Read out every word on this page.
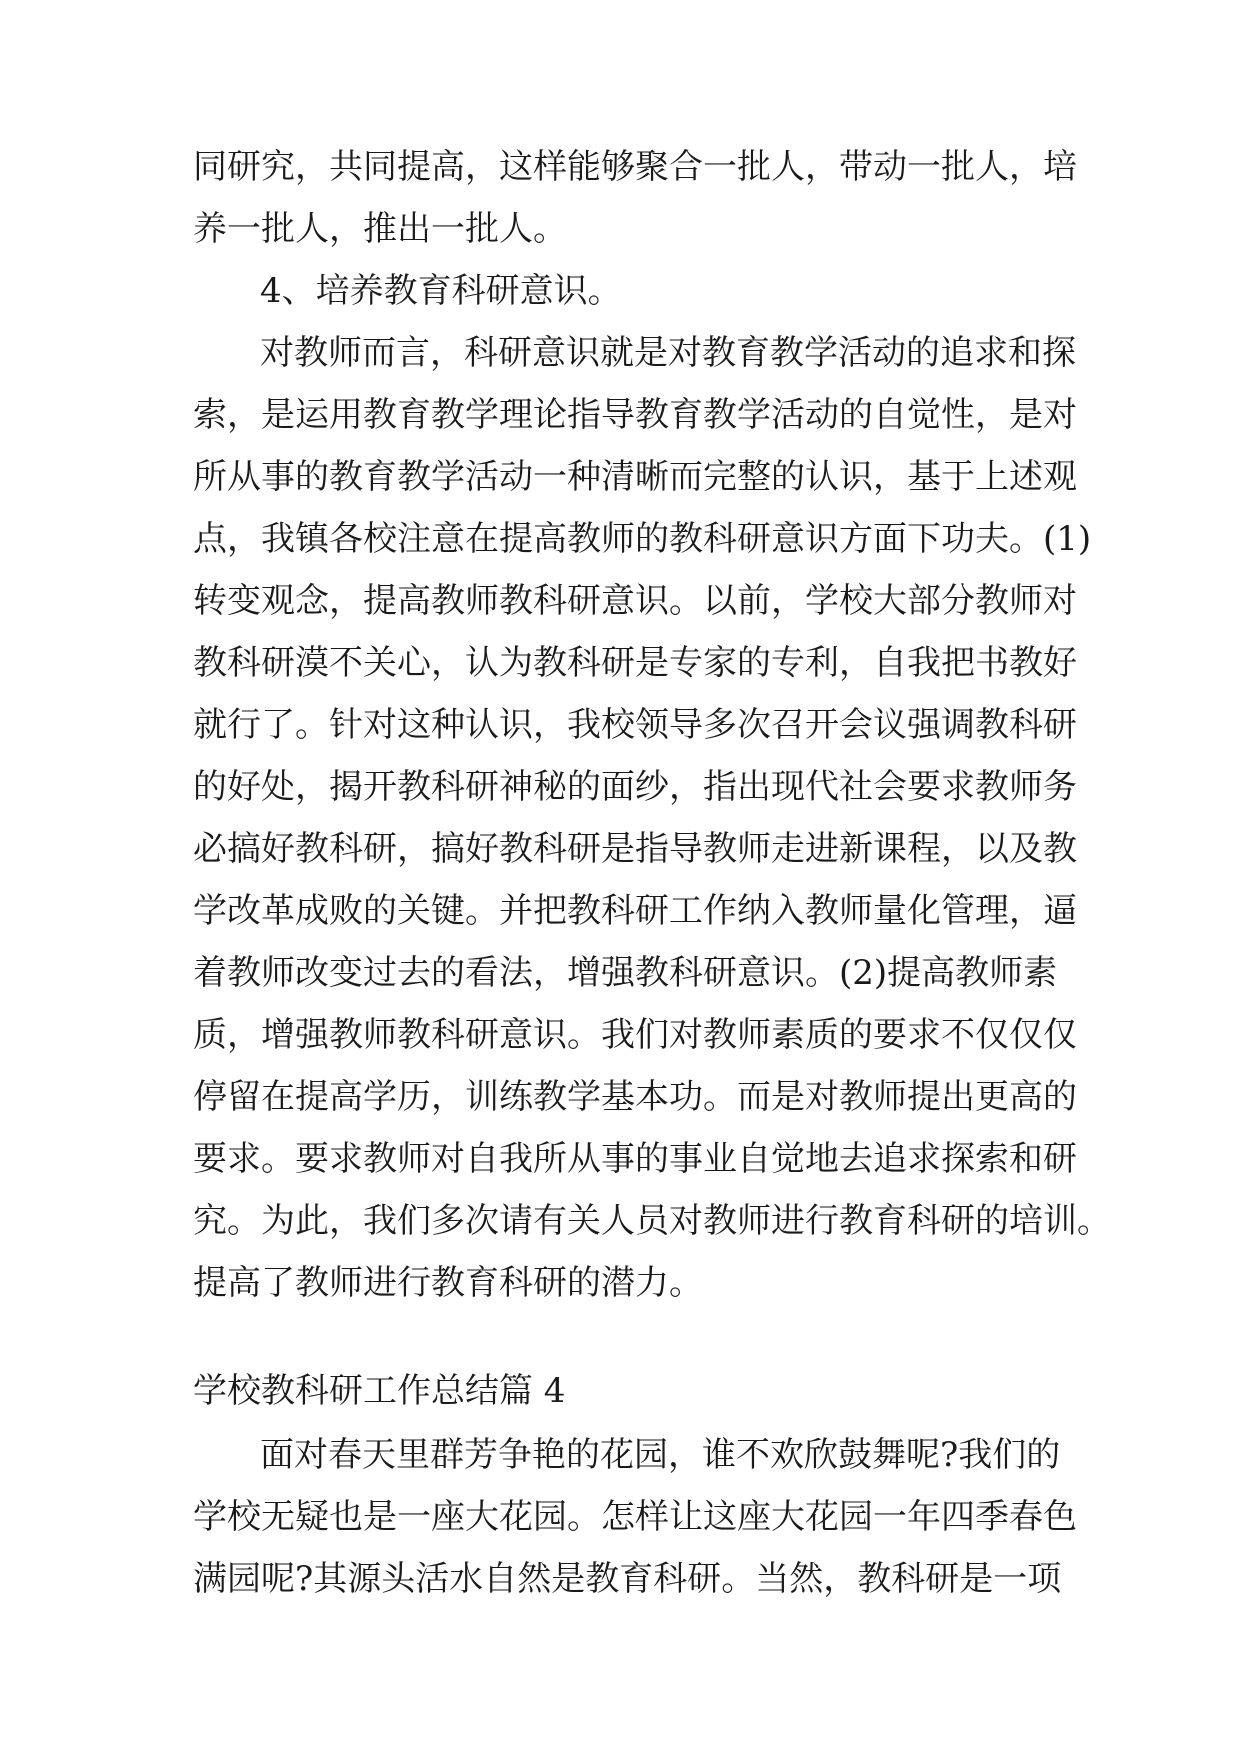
同研究，共同提高，这样能够聚合一批人，带动一批人，培
养一批人，推出一批人。
4、培养教育科研意识。
对教师而言，科研意识就是对教育教学活动的追求和探
索，是运用教育教学理论指导教育教学活动的自觉性，是对
所从事的教育教学活动一种清晰而完整的认识，基于上述观
点，我镇各校注意在提高教师的教科研意识方面下功夫。(1)
转变观念，提高教师教科研意识。以前，学校大部分教师对
教科研漠不关心，认为教科研是专家的专利，自我把书教好
就行了。针对这种认识，我校领导多次召开会议强调教科研
的好处，揭开教科研神秘的面纱，指出现代社会要求教师务
必搞好教科研，搞好教科研是指导教师走进新课程，以及教
学改革成败的关键。并把教科研工作纳入教师量化管理，逼
着教师改变过去的看法，增强教科研意识。(2)提高教师素
质，增强教师教科研意识。我们对教师素质的要求不仅仅仅
停留在提高学历，训练教学基本功。而是对教师提出更高的
要求。要求教师对自我所从事的事业自觉地去追求探索和研
究。为此，我们多次请有关人员对教师进行教育科研的培训。
提高了教师进行教育科研的潜力。
学校教科研工作总结篇 4
面对春天里群芳争艳的花园，谁不欢欣鼓舞呢?我们的
学校无疑也是一座大花园。怎样让这座大花园一年四季春色
满园呢?其源头活水自然是教育科研。当然，教科研是一项
